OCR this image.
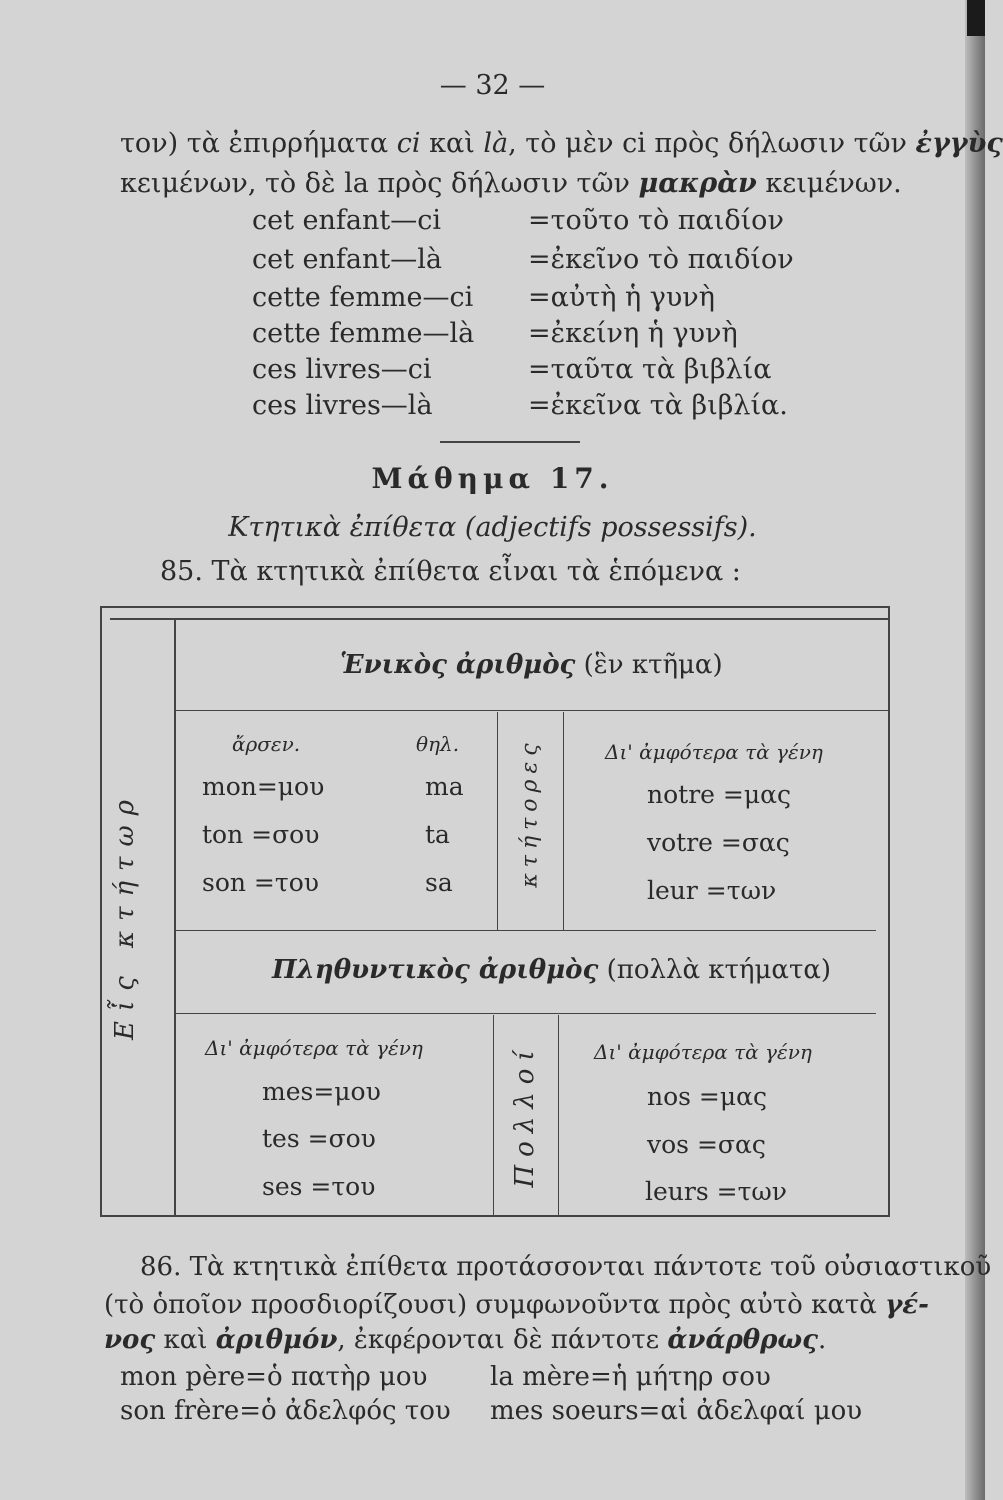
— 32 —
τον) τὰ ἐπιρρήματα ci καὶ là, τὸ μὲν ci πρὸς δήλωσιν τῶν ἐγγὺς
κειμένων, τὸ δὲ la πρὸς δήλωσιν τῶν μακρὰν κειμένων.
cet enfant—ci	=τοῦτο τὸ παιδίον
cet enfant—là	=ἐκεῖνο τὸ παιδίον
cette femme—ci =αὐτὴ ἡ γυνὴ
cette femme—là =ἐκείνη ἡ γυνὴ
ces livres—ci	=ταῦτα τὰ βιβλία
ces livres—là	=ἐκεῖνα τὰ βιβλία.
Μάθημα 17.
Κτητικὰ ἐπίθετα (adjectifs possessifs).
85. Τὰ κτητικὰ ἐπίθετα εἶναι τὰ ἑπόμενα :
Εἷς κτήτωρ
Ἑνικὸς ἀριθμὸς (ἓν κτῆμα)
ἄρσεν.	θηλ.	Δι' ἀμφότερα τὰ γένη
κτήτορες
mon=μου	ma	notre =μας
ton =σου	ta	votre =σας
son =του	sa	leur =των
Πληθυντικὸς ἀριθμὸς (πολλὰ κτήματα)
Δι' ἀμφότερα τὰ γένη	Δι' ἀμφότερα τὰ γένη
Πολλοί
mes=μου	nos =μας
tes =σου	vos =σας
ses =του	leurs =των
86. Τὰ κτητικὰ ἐπίθετα προτάσσονται πάντοτε τοῦ οὐσιαστικοῦ
(τὸ ὁποῖον προσδιορίζουσι) συμφωνοῦντα πρὸς αὐτὸ κατὰ γέ-
νος καὶ ἀριθμόν, ἐκφέρονται δὲ πάντοτε ἀνάρθρως.
mon père=ὁ πατὴρ μου la mère=ἡ μήτηρ σου
son frère=ὁ ἀδελφός του mes soeurs=αἱ ἀδελφαί μου
